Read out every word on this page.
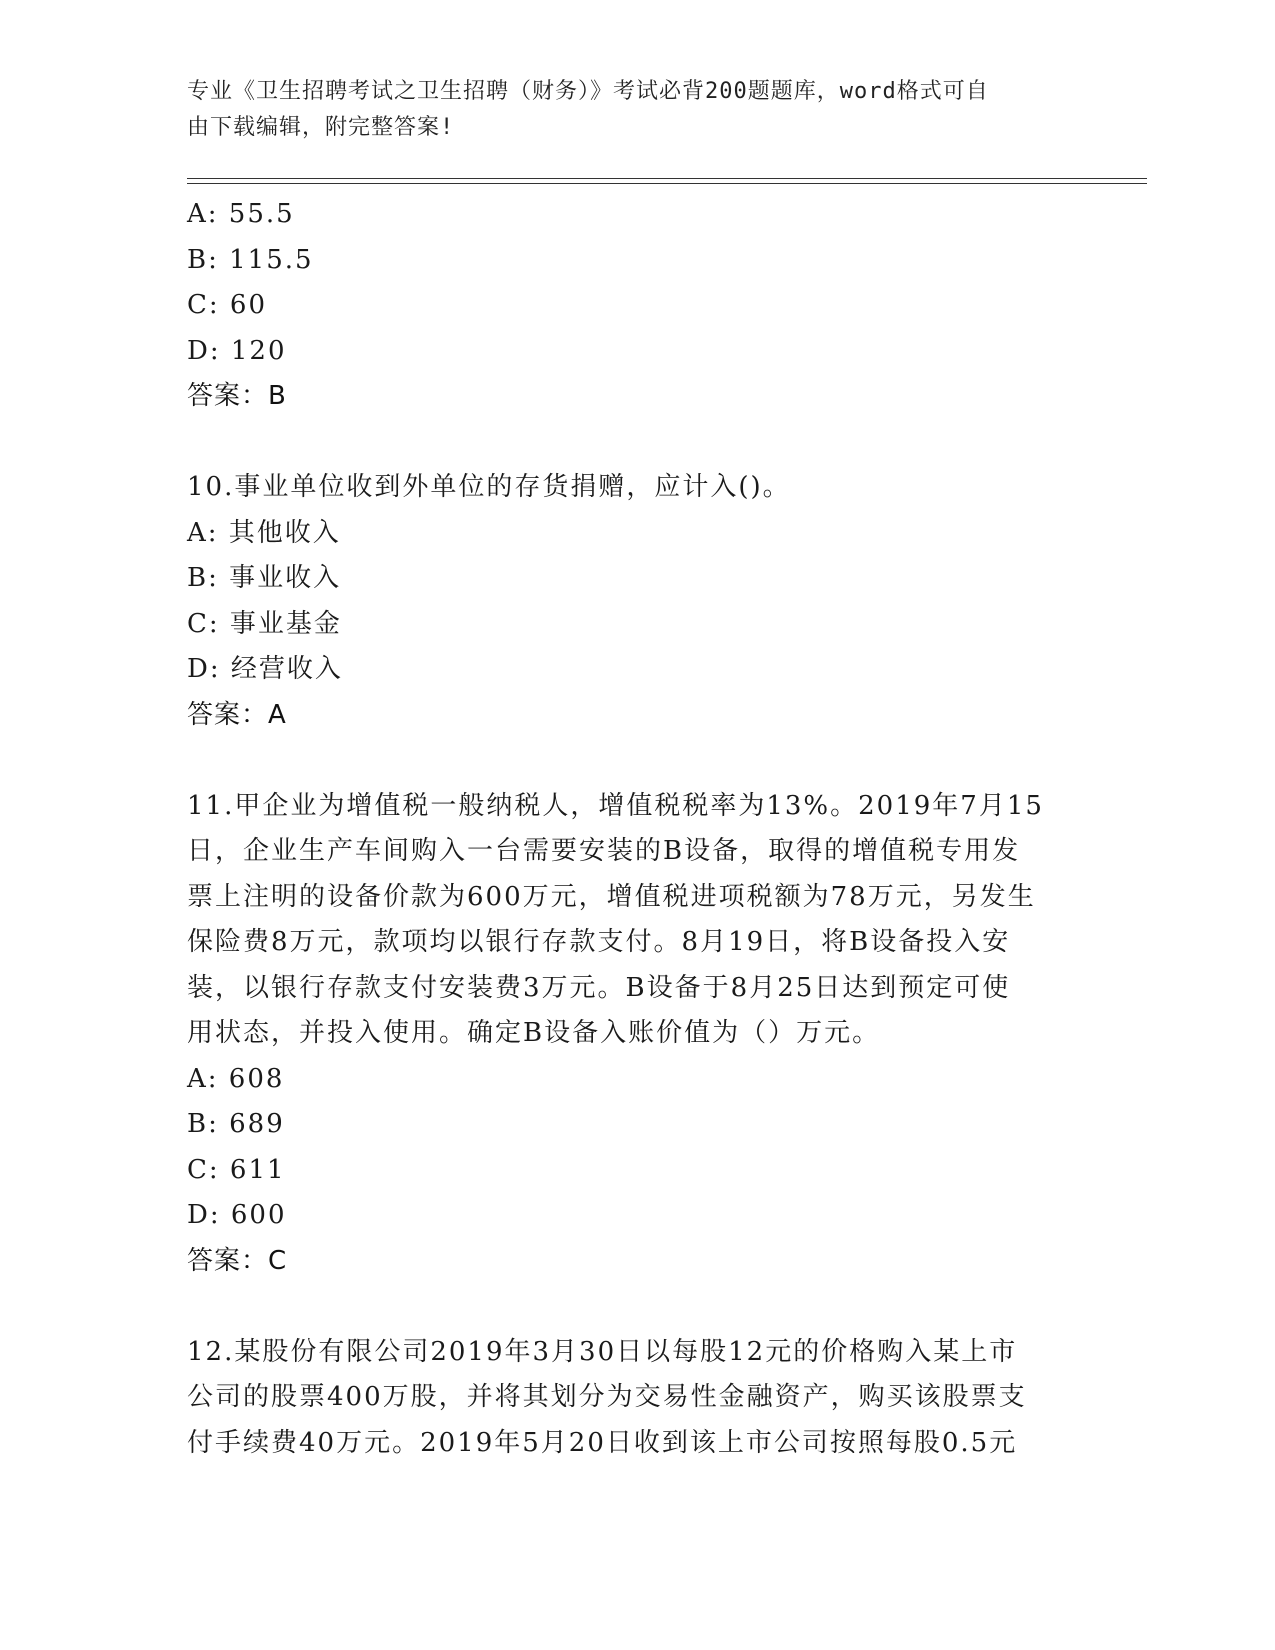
专业《卫生招聘考试之卫生招聘（财务）》考试必背200题题库，word格式可自
由下载编辑，附完整答案!
A: 55.5
B: 115.5
C: 60
D: 120
答案：B
10.事业单位收到外单位的存货捐赠，应计入()。
A: 其他收入
B: 事业收入
C: 事业基金
D: 经营收入
答案：A
11.甲企业为增值税一般纳税人，增值税税率为13%。2019年7月15
日，企业生产车间购入一台需要安装的B设备，取得的增值税专用发
票上注明的设备价款为600万元，增值税进项税额为78万元，另发生
保险费8万元，款项均以银行存款支付。8月19日，将B设备投入安
装，以银行存款支付安装费3万元。B设备于8月25日达到预定可使
用状态，并投入使用。确定B设备入账价值为（）万元。
A: 608
B: 689
C: 611
D: 600
答案：C
12.某股份有限公司2019年3月30日以每股12元的价格购入某上市
公司的股票400万股，并将其划分为交易性金融资产，购买该股票支
付手续费40万元。2019年5月20日收到该上市公司按照每股0.5元
